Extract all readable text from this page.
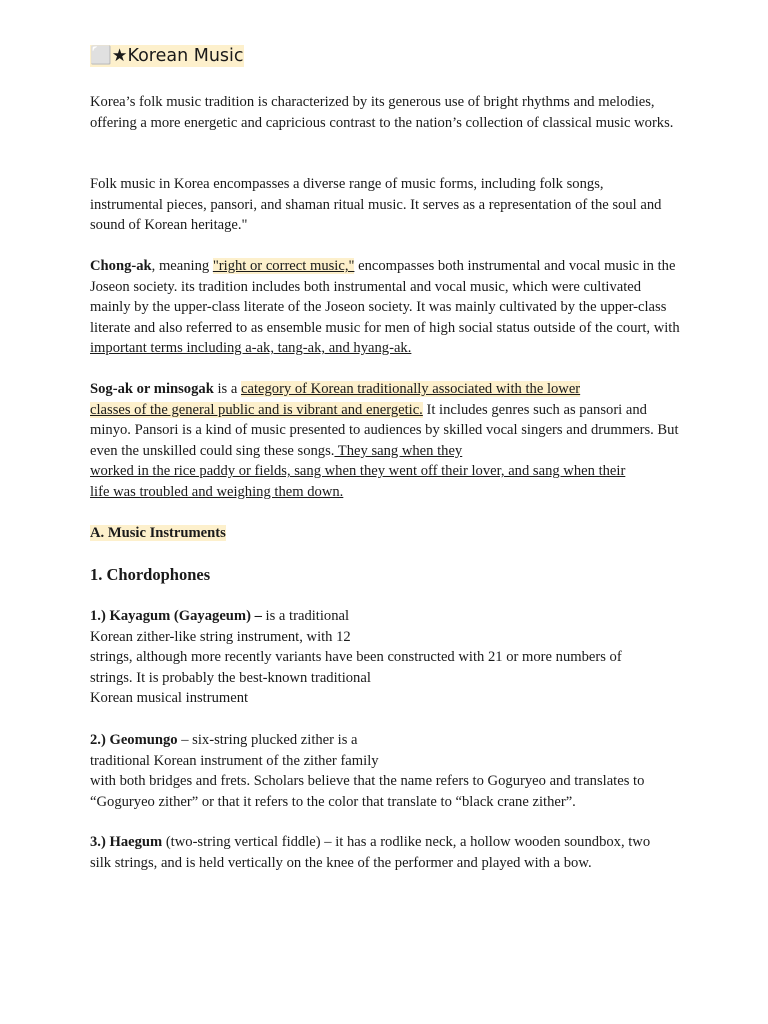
⬜★Korean Music
Korea’s folk music tradition is characterized by its generous use of bright rhythms and melodies, offering a more energetic and capricious contrast to the nation’s collection of classical music works.
Folk music in Korea encompasses a diverse range of music forms, including folk songs, instrumental pieces, pansori, and shaman ritual music. It serves as a representation of the soul and sound of Korean heritage."
Chong-ak, meaning "right or correct music," encompasses both instrumental and vocal music in the Joseon society. its tradition includes both instrumental and vocal music, which were cultivated mainly by the upper-class literate of the Joseon society. It was mainly cultivated by the upper-class literate and also referred to as ensemble music for men of high social status outside of the court, with important terms including a-ak, tang-ak, and hyang-ak.
Sog-ak or minsogak is a category of Korean traditionally associated with the lower
classes of the general public and is vibrant and energetic. It includes genres such as pansori and minyo. Pansori is a kind of music presented to audiences by skilled vocal singers and drummers. But even the unskilled could sing these songs. They sang when they
worked in the rice paddy or fields, sang when they went off their lover, and sang when their
life was troubled and weighing them down.
A. Music Instruments
1. Chordophones
1.) Kayagum (Gayageum) – is a traditional
Korean zither-like string instrument, with 12
strings, although more recently variants have been constructed with 21 or more numbers of
strings. It is probably the best-known traditional
Korean musical instrument
2.) Geomungo – six-string plucked zither is a
traditional Korean instrument of the zither family
with both bridges and frets. Scholars believe that the name refers to Goguryeo and translates to
“Goguryeo zither” or that it refers to the color that translate to “black crane zither”.
3.) Haegum (two-string vertical fiddle) – it has a rodlike neck, a hollow wooden soundbox, two
silk strings, and is held vertically on the knee of the performer and played with a bow.
